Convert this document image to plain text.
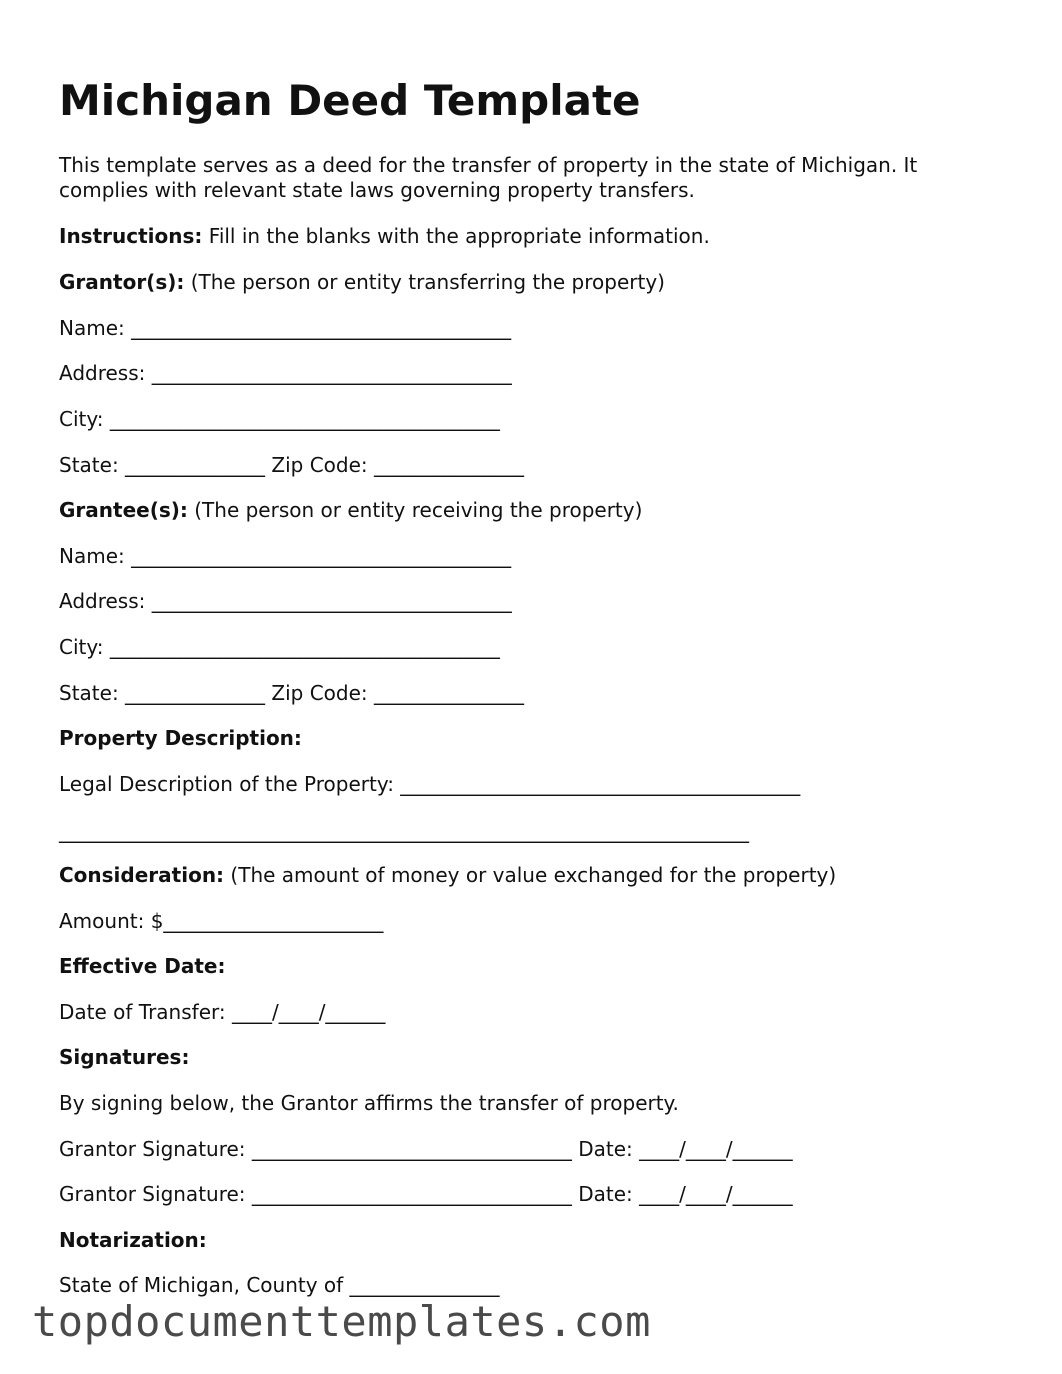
Michigan Deed Template
This template serves as a deed for the transfer of property in the state of Michigan. It complies with relevant state laws governing property transfers.
Instructions: Fill in the blanks with the appropriate information.
Grantor(s): (The person or entity transferring the property)
Name: ______________________________________
Address: ____________________________________
City: _______________________________________
State: ______________ Zip Code: _______________
Grantee(s): (The person or entity receiving the property)
Name: ______________________________________
Address: ____________________________________
City: _______________________________________
State: ______________ Zip Code: _______________
Property Description:
Legal Description of the Property: ________________________________________
_____________________________________________________________________
Consideration: (The amount of money or value exchanged for the property)
Amount: $______________________
Effective Date:
Date of Transfer: ____/____/______
Signatures:
By signing below, the Grantor affirms the transfer of property.
Grantor Signature: ________________________________ Date: ____/____/______
Grantor Signature: ________________________________ Date: ____/____/______
Notarization:
State of Michigan, County of _______________
topdocumenttemplates.com
